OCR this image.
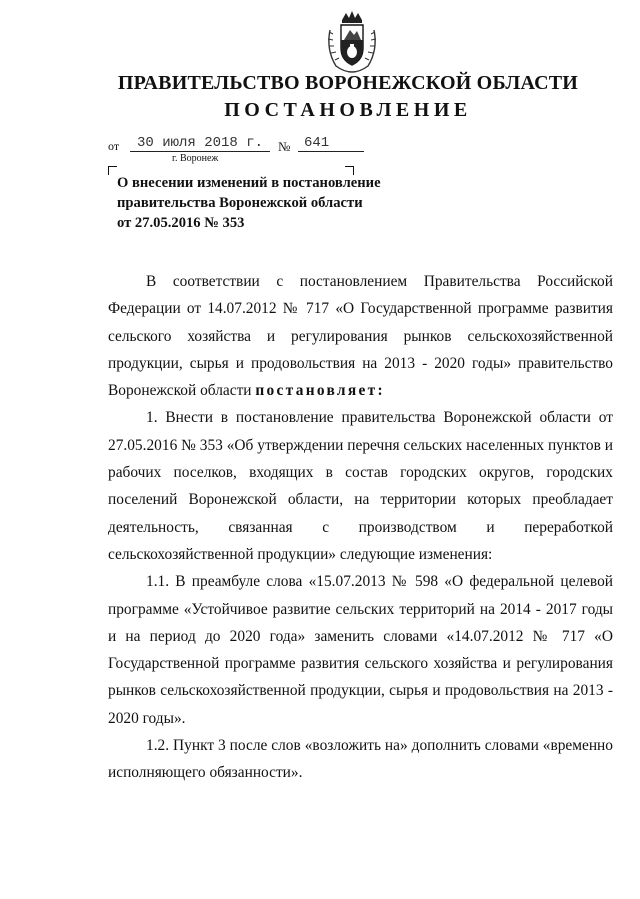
ПРАВИТЕЛЬСТВО ВОРОНЕЖСКОЙ ОБЛАСТИ
ПОСТАНОВЛЕНИЕ
от	30 июля 2018 г.	№ 641
г. Воронеж
О внесении изменений в постановление
правительства Воронежской области
от 27.05.2016 № 353

В соответствии с постановлением Правительства Российской Федерации от 14.07.2012 № 717 «О Государственной программе развития сельского хозяйства и регулирования рынков сельскохозяйственной продукции, сырья и продовольствия на 2013 - 2020 годы» правительство Воронежской области постановляет:

1. Внести в постановление правительства Воронежской области от 27.05.2016 № 353 «Об утверждении перечня сельских населенных пунктов и рабочих поселков, входящих в состав городских округов, городских поселений Воронежской области, на территории которых преобладает деятельность, связанная с производством и переработкой сельскохозяйственной продукции» следующие изменения:

1.1. В преамбуле слова «15.07.2013 № 598 «О федеральной целевой программе «Устойчивое развитие сельских территорий на 2014 - 2017 годы и на период до 2020 года» заменить словами «14.07.2012 № 717 «О Государственной программе развития сельского хозяйства и регулирования рынков сельскохозяйственной продукции, сырья и продовольствия на 2013 - 2020 годы».

1.2. Пункт 3 после слов «возложить на» дополнить словами «временно исполняющего обязанности».
